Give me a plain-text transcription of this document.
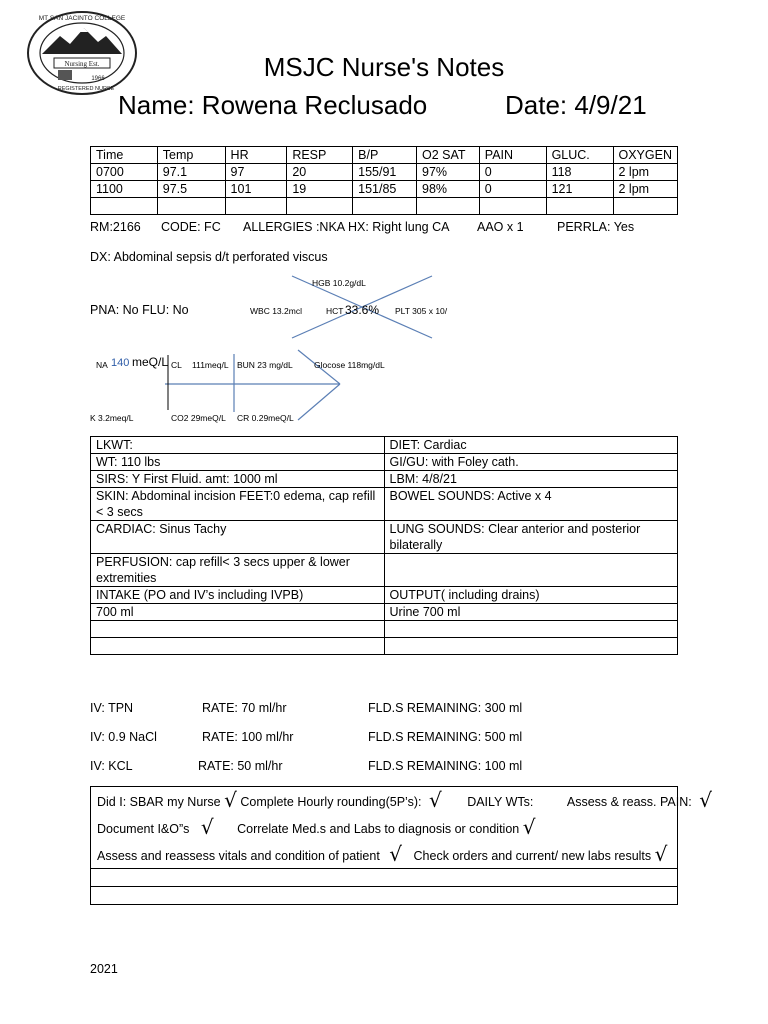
Nursing Est.
1966
MT SAN JACINTO COLLEGE
REGISTERED NURSE
MSJC Nurse's Notes
Name: Rowena Reclusado	Date: 4/9/21
Time	Temp	HR	RESP	B/P	O2 SAT	PAIN	GLUC.	OXYGEN
0700	97.1	97	20	155/91	97%	0	118	2 lpm
1100	97.5	101	19	151/85	98%	0	121	2 lpm

RM:2166 CODE: FC ALLERGIES :NKA HX: Right lung CA AAO x 1	PERRLA: Yes
DX: Abdominal sepsis d/t perforated viscus
PNA: No FLU: No
HGB 10.2g/dL
WBC 13.2mcl	HCT 33.6% PLT 305 x 10/
NA 140 meQ/L CL 111meq/L BUN 23 mg/dL	Glocose 118mg/dL
K 3.2meq/L	CO2 29meQ/L CR 0.29meQ/L
LKWT:	DIET: Cardiac
WT: 110 lbs	GI/GU: with Foley cath.
SIRS: Y First Fluid. amt: 1000 ml	LBM: 4/8/21
SKIN: Abdominal incision FEET:0 edema, cap refill < 3 secs	BOWEL SOUNDS: Active x 4
CARDIAC: Sinus Tachy	LUNG SOUNDS: Clear anterior and posterior bilaterally
PERFUSION: cap refill< 3 secs upper & lower extremities	
INTAKE (PO and IV’s including IVPB)	OUTPUT( including drains)
700 ml	Urine 700 ml

IV: TPN	RATE: 70 ml/hr	FLD.S REMAINING: 300 ml
IV: 0.9 NaCl	RATE: 100 ml/hr	FLD.S REMAINING: 500 ml
IV: KCL	RATE: 50 ml/hr	FLD.S REMAINING: 100 ml
Did I: SBAR my Nurse √ Complete Hourly rounding(5P’s): √ DAILY WTs:	Assess & reass. PAIN: √
Document I&O”s √ Correlate Med.s and Labs to diagnosis or condition √
Assess and reassess vitals and condition of patient √ Check orders and current/ new labs results √
2021
